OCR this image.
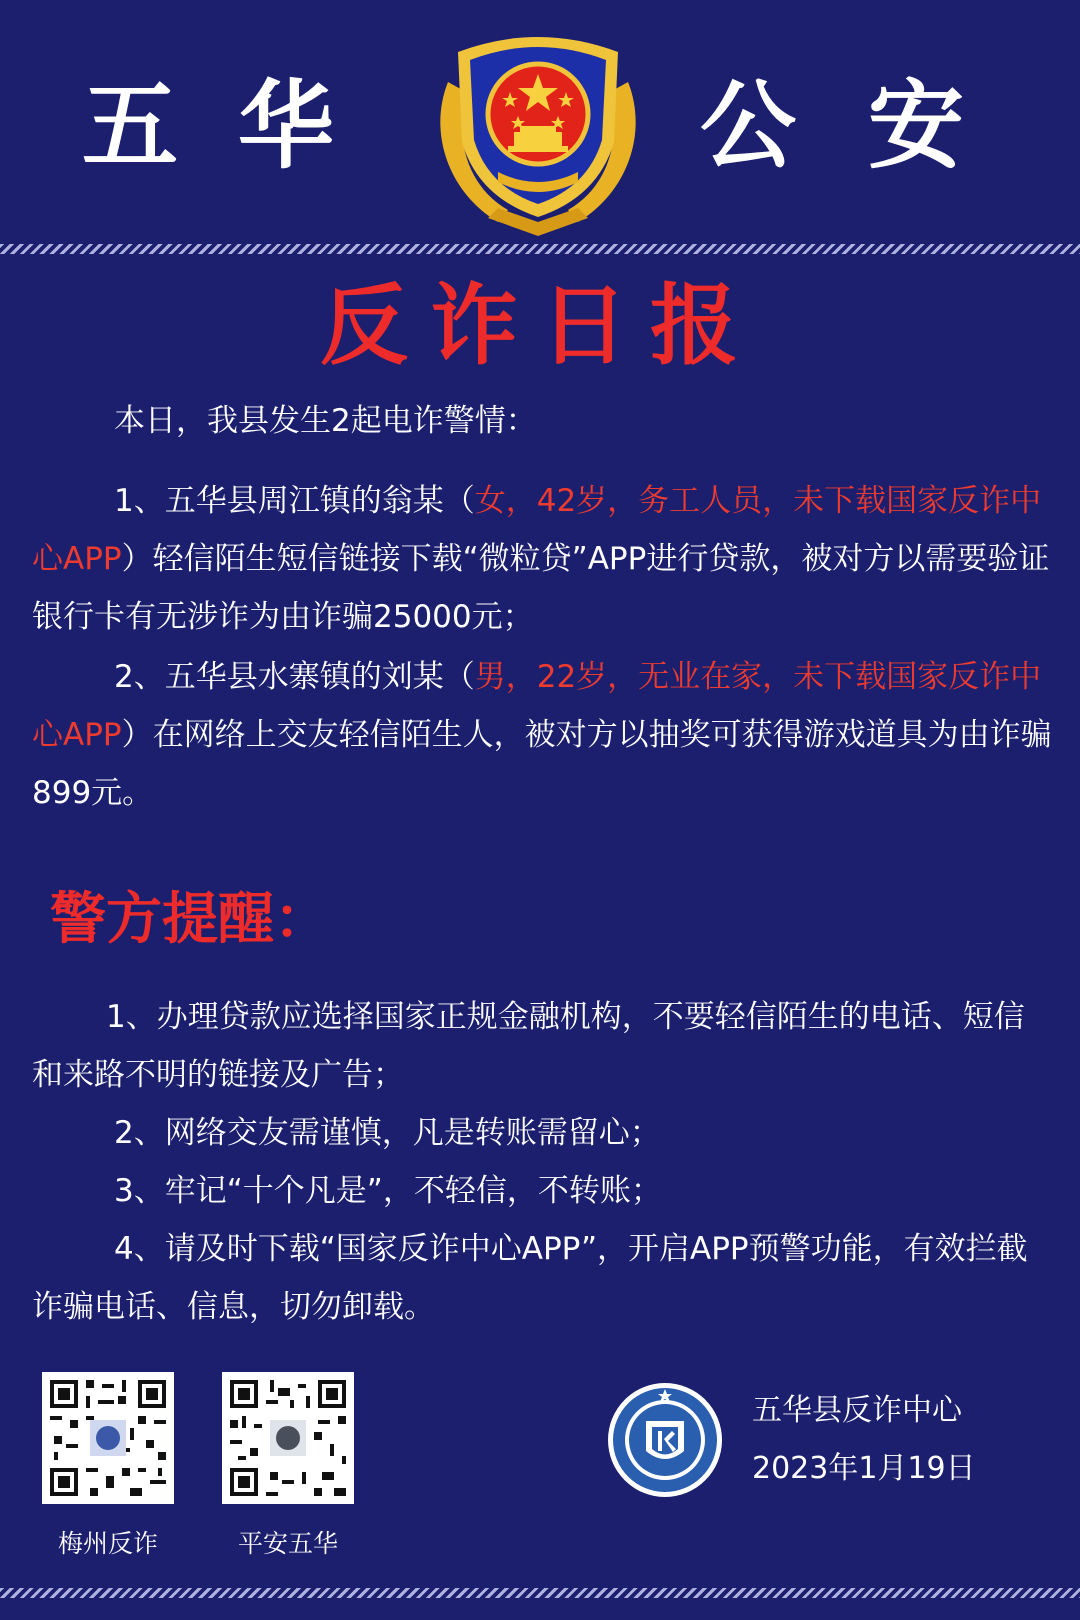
五 华	公 安
反诈日报
本日，我县发生2起电诈警情：
1、五华县周江镇的翁某（女，42岁，务工人员，未下载国家反诈中心APP）轻信陌生短信链接下载“微粒贷”APP进行贷款，被对方以需要验证银行卡有无涉诈为由诈骗25000元；
2、五华县水寨镇的刘某（男，22岁，无业在家，未下载国家反诈中心APP）在网络上交友轻信陌生人，被对方以抽奖可获得游戏道具为由诈骗899元。
警方提醒：
1、办理贷款应选择国家正规金融机构，不要轻信陌生的电话、短信和来路不明的链接及广告；
2、网络交友需谨慎，凡是转账需留心；
3、牢记“十个凡是”，不轻信，不转账；
4、请及时下载“国家反诈中心APP”，开启APP预警功能，有效拦截诈骗电话、信息，切勿卸载。
梅州反诈	平安五华
五华县反诈中心
2023年1月19日
